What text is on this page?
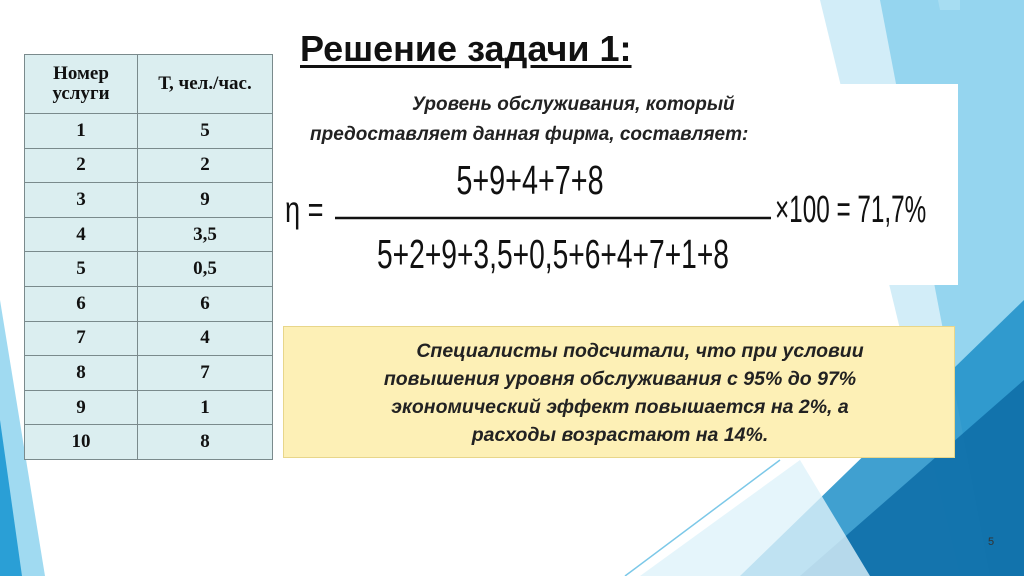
Решение задачи 1:
Номер услуги	Т, чел./час.
1	5
2	2
3	9
4	3,5
5	0,5
6	6
7	4
8	7
9	1
10	8
Уровень обслуживания, который
предоставляет данная фирма, составляет:
η =
5+9+4+7+8
5+2+9+3,5+0,5+6+4+7+1+8
×100 = 71,7%
Специалисты подсчитали, что при условии
повышения уровня обслуживания с 95% до 97%
экономический эффект повышается на 2%, а
расходы возрастают на 14%.
5
